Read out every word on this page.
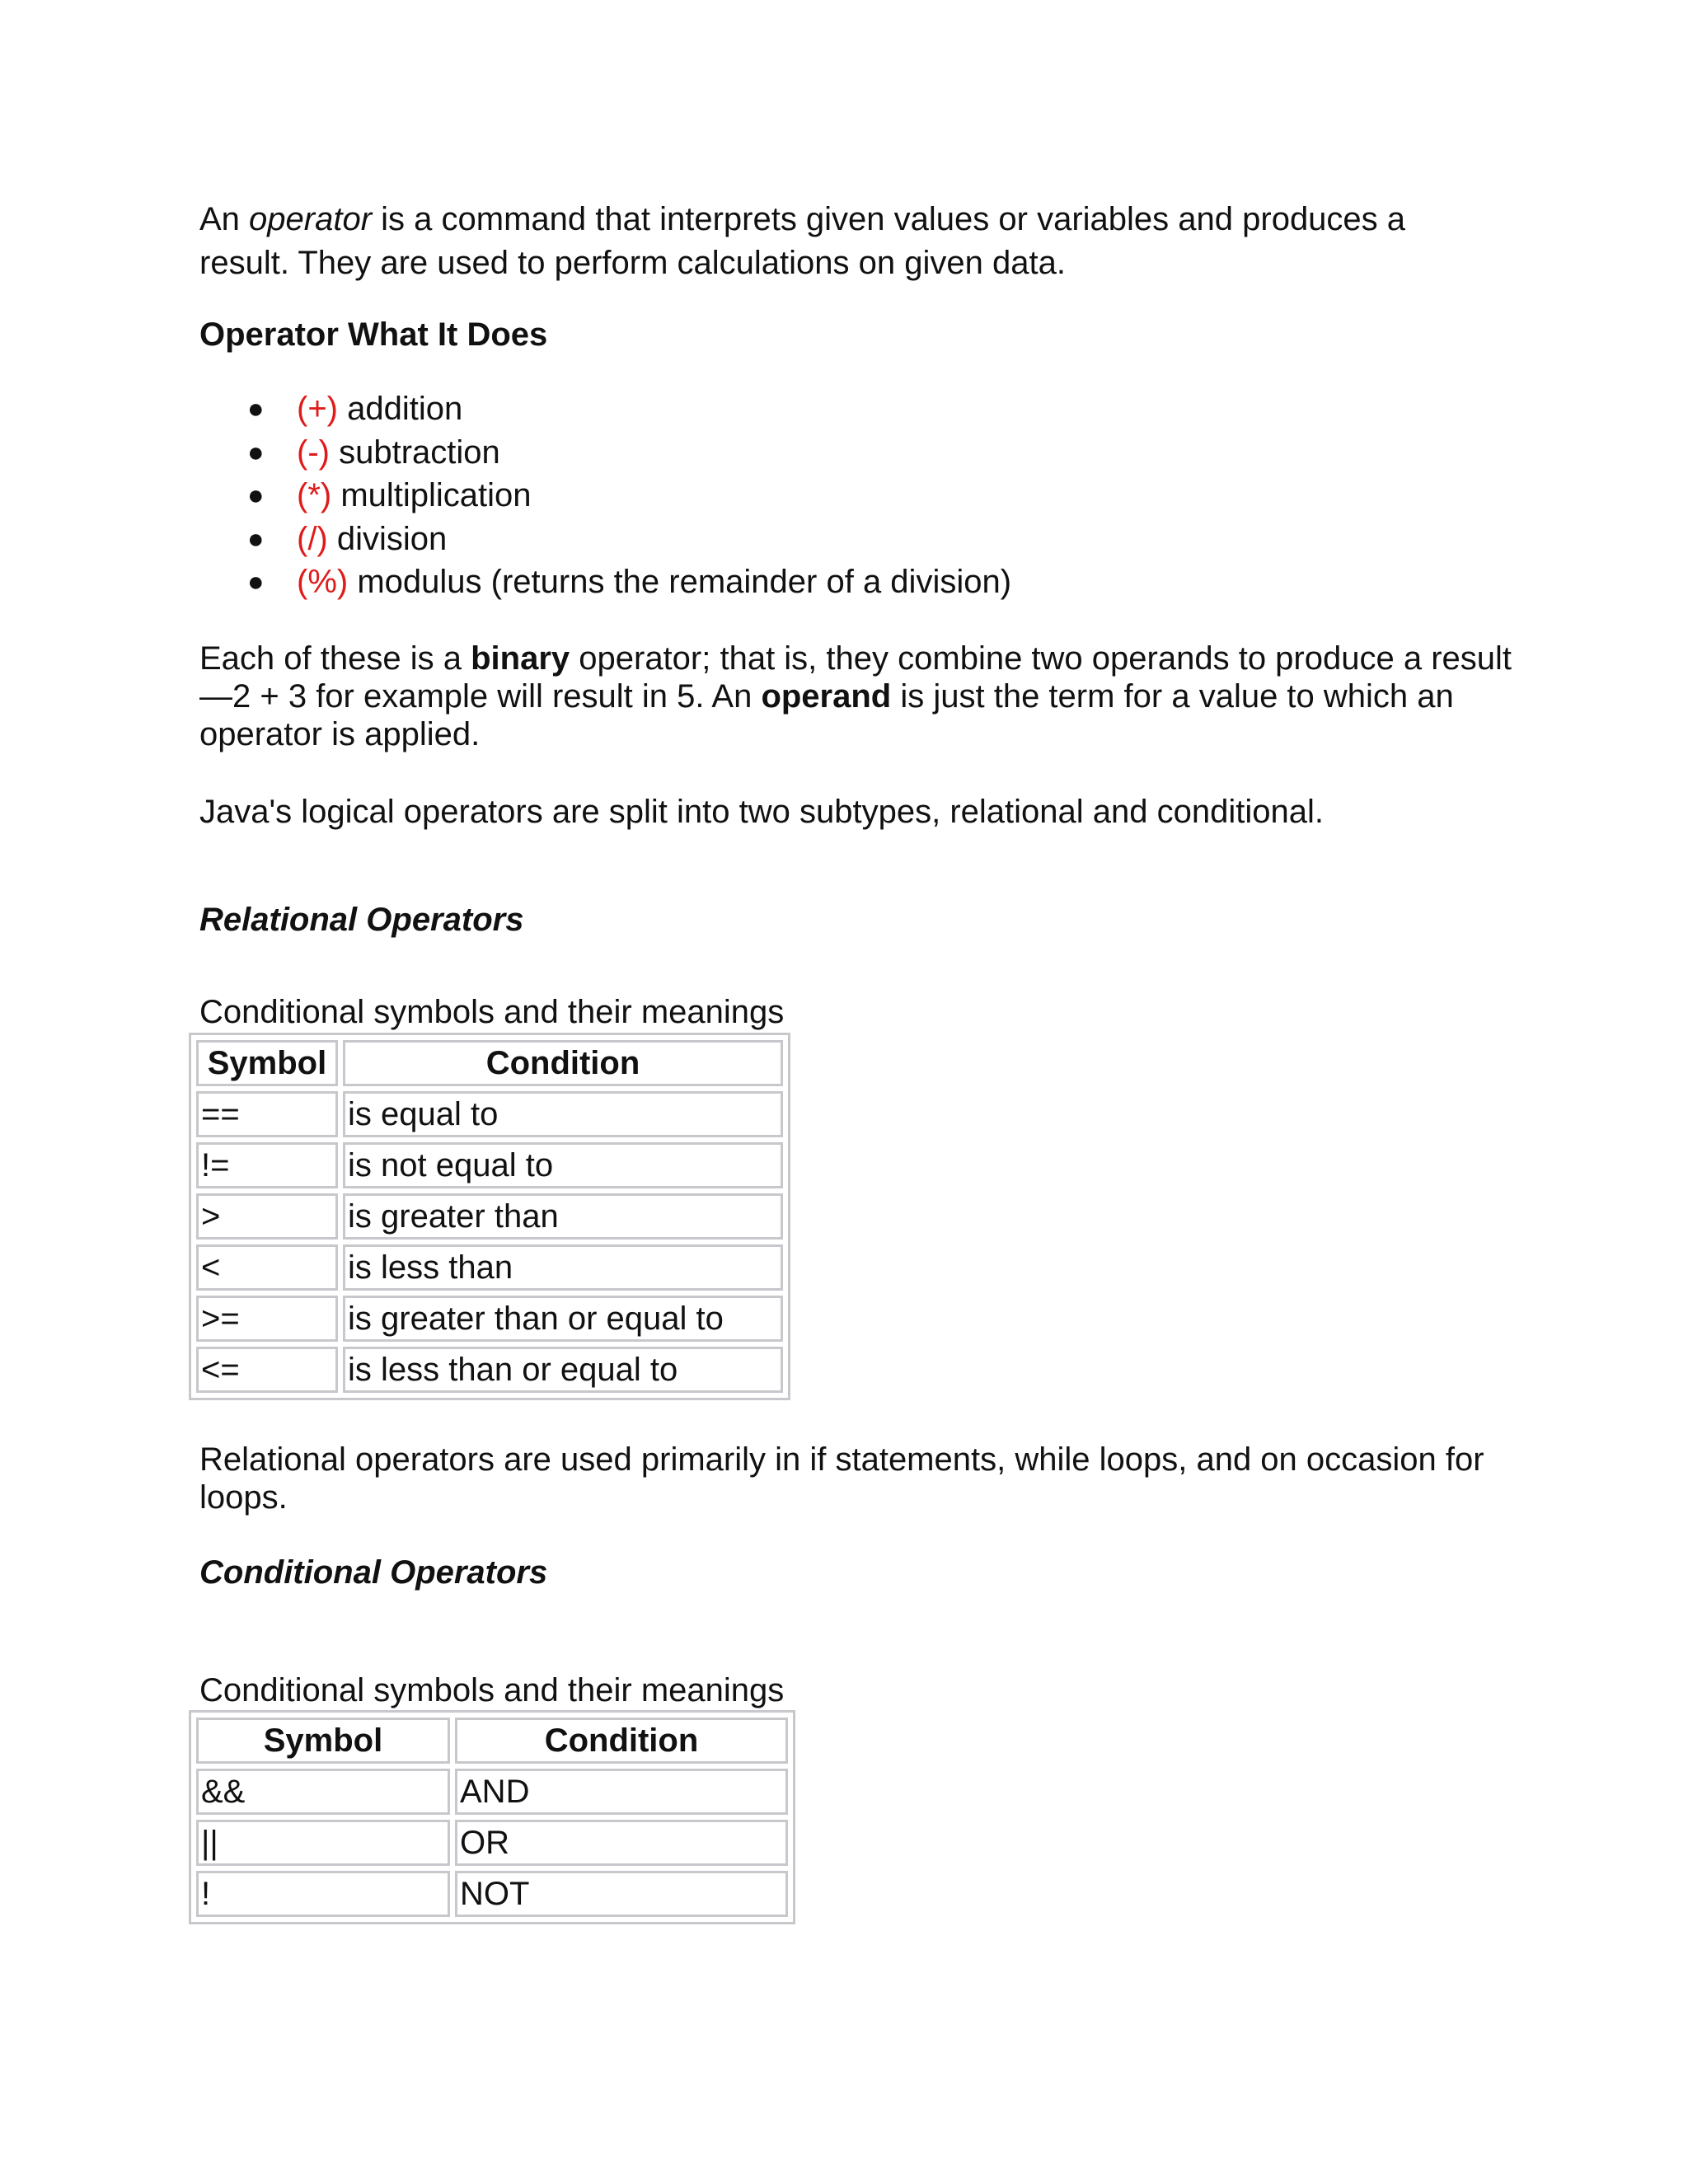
An operator is a command that interprets given values or variables and produces a
result. They are used to perform calculations on given data.

Operator What It Does

● (+) addition
● (-) subtraction
● (*) multiplication
● (/) division
● (%) modulus (returns the remainder of a division)

Each of these is a binary operator; that is, they combine two operands to produce a result—2 + 3 for example will result in 5. An operand is just the term for a value to which an operator is applied.

Java's logical operators are split into two subtypes, relational and conditional.

Relational Operators

Conditional symbols and their meanings

Symbol	Condition
==	is equal to
!=	is not equal to
>	is greater than
<	is less than
>=	is greater than or equal to
<=	is less than or equal to

Relational operators are used primarily in if statements, while loops, and on occasion for loops.

Conditional Operators

Conditional symbols and their meanings

Symbol	Condition
&&	AND
||	OR
!	NOT
